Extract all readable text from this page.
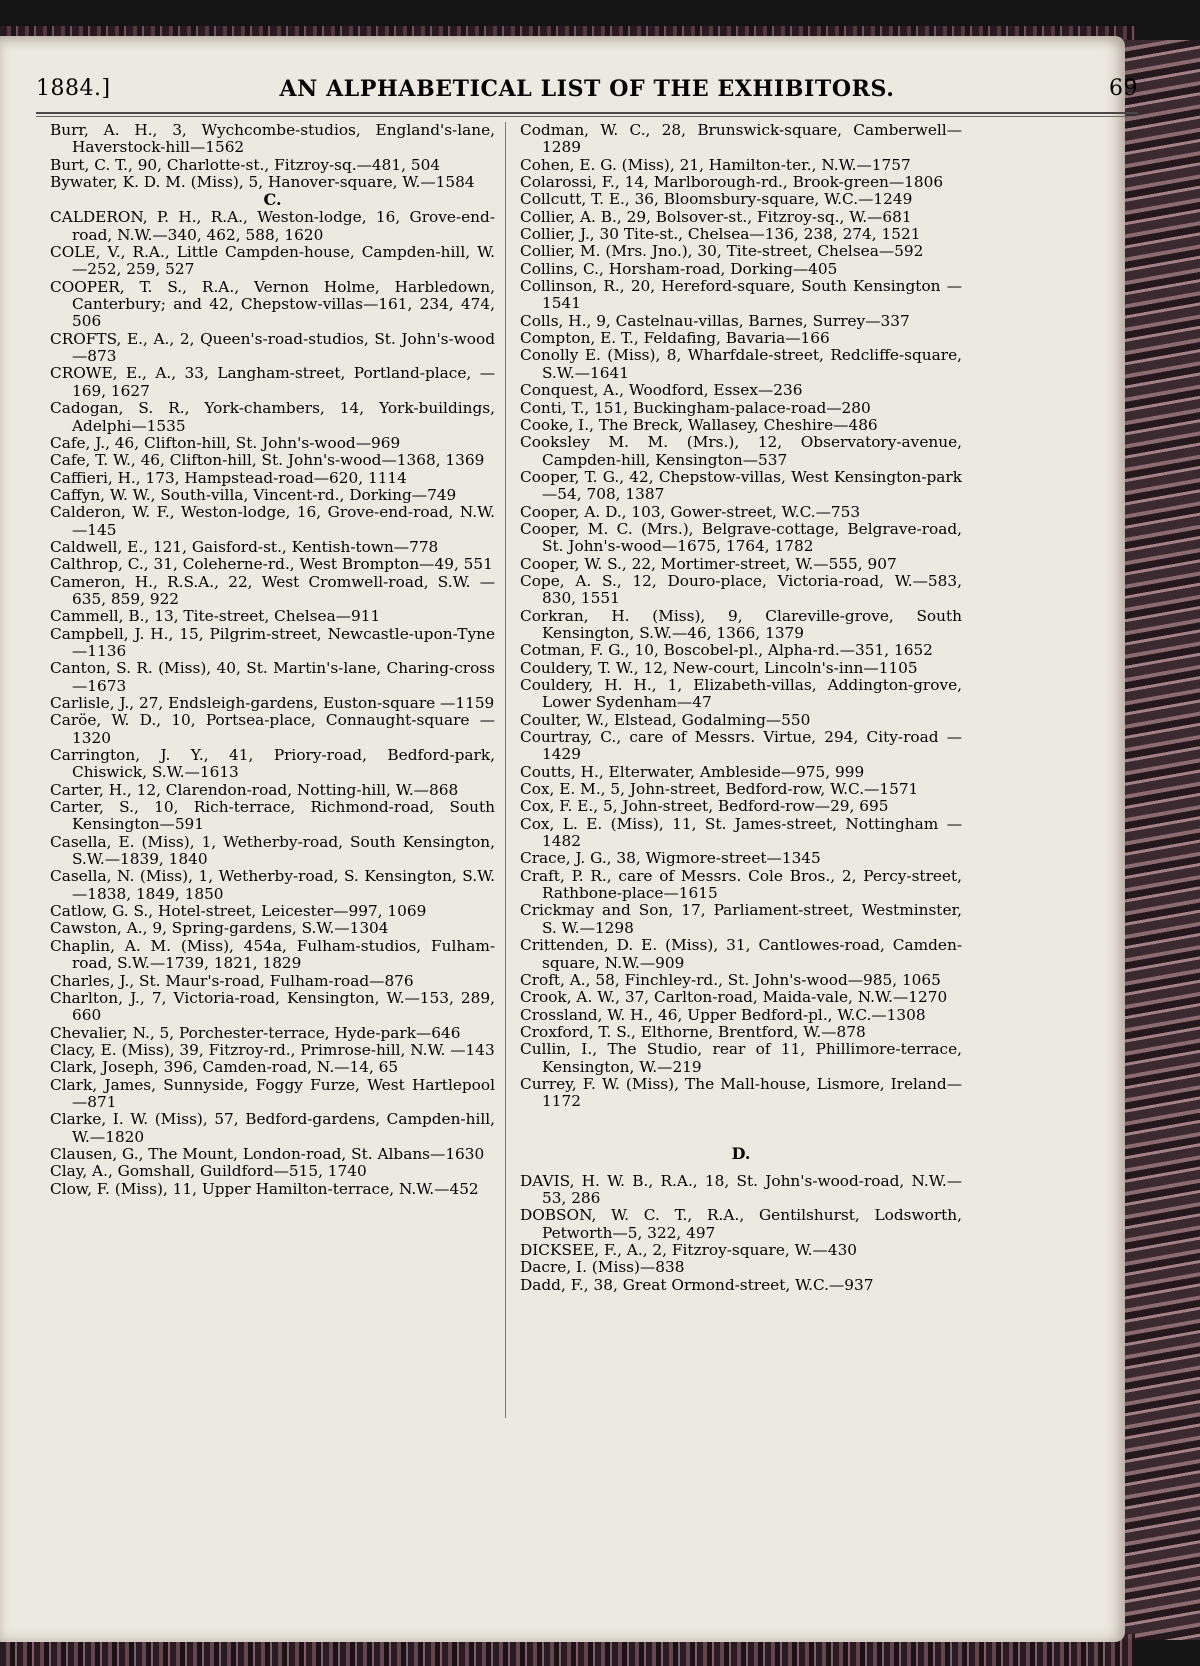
1884.]	AN ALPHABETICAL LIST OF THE EXHIBITORS.	69

Burr, A. H., 3, Wychcombe-studios, England's-lane, Haverstock-hill—1562

Burt, C. T., 90, Charlotte-st., Fitzroy-sq.—481, 504

Bywater, K. D. M. (Miss), 5, Hanover-square, W.—1584

C.

CALDERON, P. H., R.A., Weston-lodge, 16, Grove-end-road, N.W.—340, 462, 588, 1620

COLE, V., R.A., Little Campden-house, Campden-hill, W.—252, 259, 527

COOPER, T. S., R.A., Vernon Holme, Harbledown, Canterbury; and 42, Chepstow-villas—161, 234, 474, 506

CROFTS, E., A., 2, Queen's-road-studios, St. John's-wood—873

CROWE, E., A., 33, Langham-street, Portland-place, —169, 1627

Cadogan, S. R., York-chambers, 14, York-buildings, Adelphi—1535

Cafe, J., 46, Clifton-hill, St. John's-wood—969

Cafe, T. W., 46, Clifton-hill, St. John's-wood—1368, 1369

Caffieri, H., 173, Hampstead-road—620, 1114

Caffyn, W. W., South-villa, Vincent-rd., Dorking—749

Calderon, W. F., Weston-lodge, 16, Grove-end-road, N.W.—145

Caldwell, E., 121, Gaisford-st., Kentish-town—778

Calthrop, C., 31, Coleherne-rd., West Brompton—49, 551

Cameron, H., R.S.A., 22, West Cromwell-road, S.W. —635, 859, 922

Cammell, B., 13, Tite-street, Chelsea—911

Campbell, J. H., 15, Pilgrim-street, Newcastle-upon-Tyne—1136

Canton, S. R. (Miss), 40, St. Martin's-lane, Charing-cross—1673

Carlisle, J., 27, Endsleigh-gardens, Euston-square —1159

Caröe, W. D., 10, Portsea-place, Connaught-square —1320

Carrington, J. Y., 41, Priory-road, Bedford-park, Chiswick, S.W.—1613

Carter, H., 12, Clarendon-road, Notting-hill, W.—868

Carter, S., 10, Rich-terrace, Richmond-road, South Kensington—591

Casella, E. (Miss), 1, Wetherby-road, South Kensington, S.W.—1839, 1840

Casella, N. (Miss), 1, Wetherby-road, S. Kensington, S.W.—1838, 1849, 1850

Catlow, G. S., Hotel-street, Leicester—997, 1069

Cawston, A., 9, Spring-gardens, S.W.—1304

Chaplin, A. M. (Miss), 454a, Fulham-studios, Fulham-road, S.W.—1739, 1821, 1829

Charles, J., St. Maur's-road, Fulham-road—876

Charlton, J., 7, Victoria-road, Kensington, W.—153, 289, 660

Chevalier, N., 5, Porchester-terrace, Hyde-park—646

Clacy, E. (Miss), 39, Fitzroy-rd., Primrose-hill, N.W. —143

Clark, Joseph, 396, Camden-road, N.—14, 65

Clark, James, Sunnyside, Foggy Furze, West Hartlepool—871

Clarke, I. W. (Miss), 57, Bedford-gardens, Campden-hill, W.—1820

Clausen, G., The Mount, London-road, St. Albans—1630

Clay, A., Gomshall, Guildford—515, 1740

Clow, F. (Miss), 11, Upper Hamilton-terrace, N.W.—452

Codman, W. C., 28, Brunswick-square, Camberwell—1289

Cohen, E. G. (Miss), 21, Hamilton-ter., N.W.—1757

Colarossi, F., 14, Marlborough-rd., Brook-green—1806

Collcutt, T. E., 36, Bloomsbury-square, W.C.—1249

Collier, A. B., 29, Bolsover-st., Fitzroy-sq., W.—681

Collier, J., 30 Tite-st., Chelsea—136, 238, 274, 1521

Collier, M. (Mrs. Jno.), 30, Tite-street, Chelsea—592

Collins, C., Horsham-road, Dorking—405

Collinson, R., 20, Hereford-square, South Kensington —1541

Colls, H., 9, Castelnau-villas, Barnes, Surrey—337

Compton, E. T., Feldafing, Bavaria—166

Conolly E. (Miss), 8, Wharfdale-street, Redcliffe-square, S.W.—1641

Conquest, A., Woodford, Essex—236

Conti, T., 151, Buckingham-palace-road—280

Cooke, I., The Breck, Wallasey, Cheshire—486

Cooksley M. M. (Mrs.), 12, Observatory-avenue, Campden-hill, Kensington—537

Cooper, T. G., 42, Chepstow-villas, West Kensington-park—54, 708, 1387

Cooper, A. D., 103, Gower-street, W.C.—753

Cooper, M. C. (Mrs.), Belgrave-cottage, Belgrave-road, St. John's-wood—1675, 1764, 1782

Cooper, W. S., 22, Mortimer-street, W.—555, 907

Cope, A. S., 12, Douro-place, Victoria-road, W.—583, 830, 1551

Corkran, H. (Miss), 9, Clareville-grove, South Kensington, S.W.—46, 1366, 1379

Cotman, F. G., 10, Boscobel-pl., Alpha-rd.—351, 1652

Couldery, T. W., 12, New-court, Lincoln's-inn—1105

Couldery, H. H., 1, Elizabeth-villas, Addington-grove, Lower Sydenham—47

Coulter, W., Elstead, Godalming—550

Courtray, C., care of Messrs. Virtue, 294, City-road —1429

Coutts, H., Elterwater, Ambleside—975, 999

Cox, E. M., 5, John-street, Bedford-row, W.C.—1571

Cox, F. E., 5, John-street, Bedford-row—29, 695

Cox, L. E. (Miss), 11, St. James-street, Nottingham —1482

Crace, J. G., 38, Wigmore-street—1345

Craft, P. R., care of Messrs. Cole Bros., 2, Percy-street, Rathbone-place—1615

Crickmay and Son, 17, Parliament-street, Westminster, S. W.—1298

Crittenden, D. E. (Miss), 31, Cantlowes-road, Camden-square, N.W.—909

Croft, A., 58, Finchley-rd., St. John's-wood—985, 1065

Crook, A. W., 37, Carlton-road, Maida-vale, N.W.—1270

Crossland, W. H., 46, Upper Bedford-pl., W.C.—1308

Croxford, T. S., Elthorne, Brentford, W.—878

Cullin, I., The Studio, rear of 11, Phillimore-terrace, Kensington, W.—219

Currey, F. W. (Miss), The Mall-house, Lismore, Ireland—1172

D.

DAVIS, H. W. B., R.A., 18, St. John's-wood-road, N.W.—53, 286

DOBSON, W. C. T., R.A., Gentilshurst, Lodsworth, Petworth—5, 322, 497

DICKSEE, F., A., 2, Fitzroy-square, W.—430

Dacre, I. (Miss)—838

Dadd, F., 38, Great Ormond-street, W.C.—937
